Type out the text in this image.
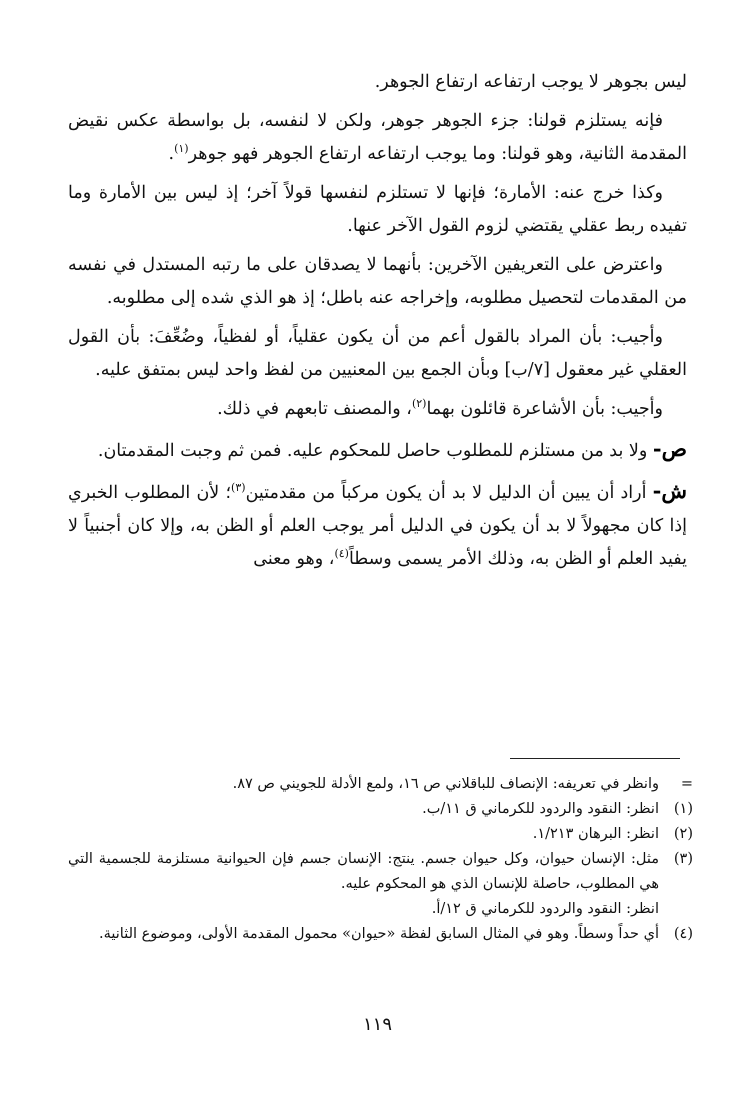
ليس بجوهر لا يوجب ارتفاعه ارتفاع الجوهر.

فإنه يستلزم قولنا: جزء الجوهر جوهر، ولكن لا لنفسه، بل بواسطة عكس نقيض المقدمة الثانية، وهو قولنا: وما يوجب ارتفاعه ارتفاع الجوهر فهو جوهر$^{(١)}$.

وكذا خرج عنه: الأمارة؛ فإنها لا تستلزم لنفسها قولاً آخر؛ إذ ليس بين الأمارة وما تفيده ربط عقلي يقتضي لزوم القول الآخر عنها.

واعترض على التعريفين الآخرين: بأنهما لا يصدقان على ما رتبه المستدل في نفسه من المقدمات لتحصيل مطلوبه، وإخراجه عنه باطل؛ إذ هو الذي شده إلى مطلوبه.

وأجيب: بأن المراد بالقول أعم من أن يكون عقلياً، أو لفظياً، وضُعِّفَ: بأن القول العقلي غير معقول [٧/ب] وبأن الجمع بين المعنيين من لفظ واحد ليس بمتفق عليه.

وأجيب: بأن الأشاعرة قائلون بهما$^{(٢)}$، والمصنف تابعهم في ذلك.

ص- ولا بد من مستلزم للمطلوب حاصل للمحكوم عليه. فمن ثم وجبت المقدمتان.

ش- أراد أن يبين أن الدليل لا بد أن يكون مركباً من مقدمتين$^{(٣)}$؛ لأن المطلوب الخبري إذا كان مجهولاً لا بد أن يكون في الدليل أمر يوجب العلم أو الظن به، وإلا كان أجنبياً لا يفيد العلم أو الظن به، وذلك الأمر يسمى وسطاً$^{(٤)}$، وهو معنى

=
وانظر في تعريفه: الإنصاف للباقلاني ص ١٦، ولمع الأدلة للجويني ص ٨٧.
(١)
انظر: النقود والردود للكرماني ق ١١/ب.
(٢)
انظر: البرهان ١/٢١٣.
(٣)
مثل: الإنسان حيوان، وكل حيوان جسم. ينتج: الإنسان جسم فإن الحيوانية مستلزمة للجسمية التي هي المطلوب، حاصلة للإنسان الذي هو المحكوم عليه.
انظر: النقود والردود للكرماني ق ١٢/أ.
(٤)
أي حداً وسطاً. وهو في المثال السابق لفظة «حيوان» محمول المقدمة الأولى، وموضوع الثانية.
١١٩
